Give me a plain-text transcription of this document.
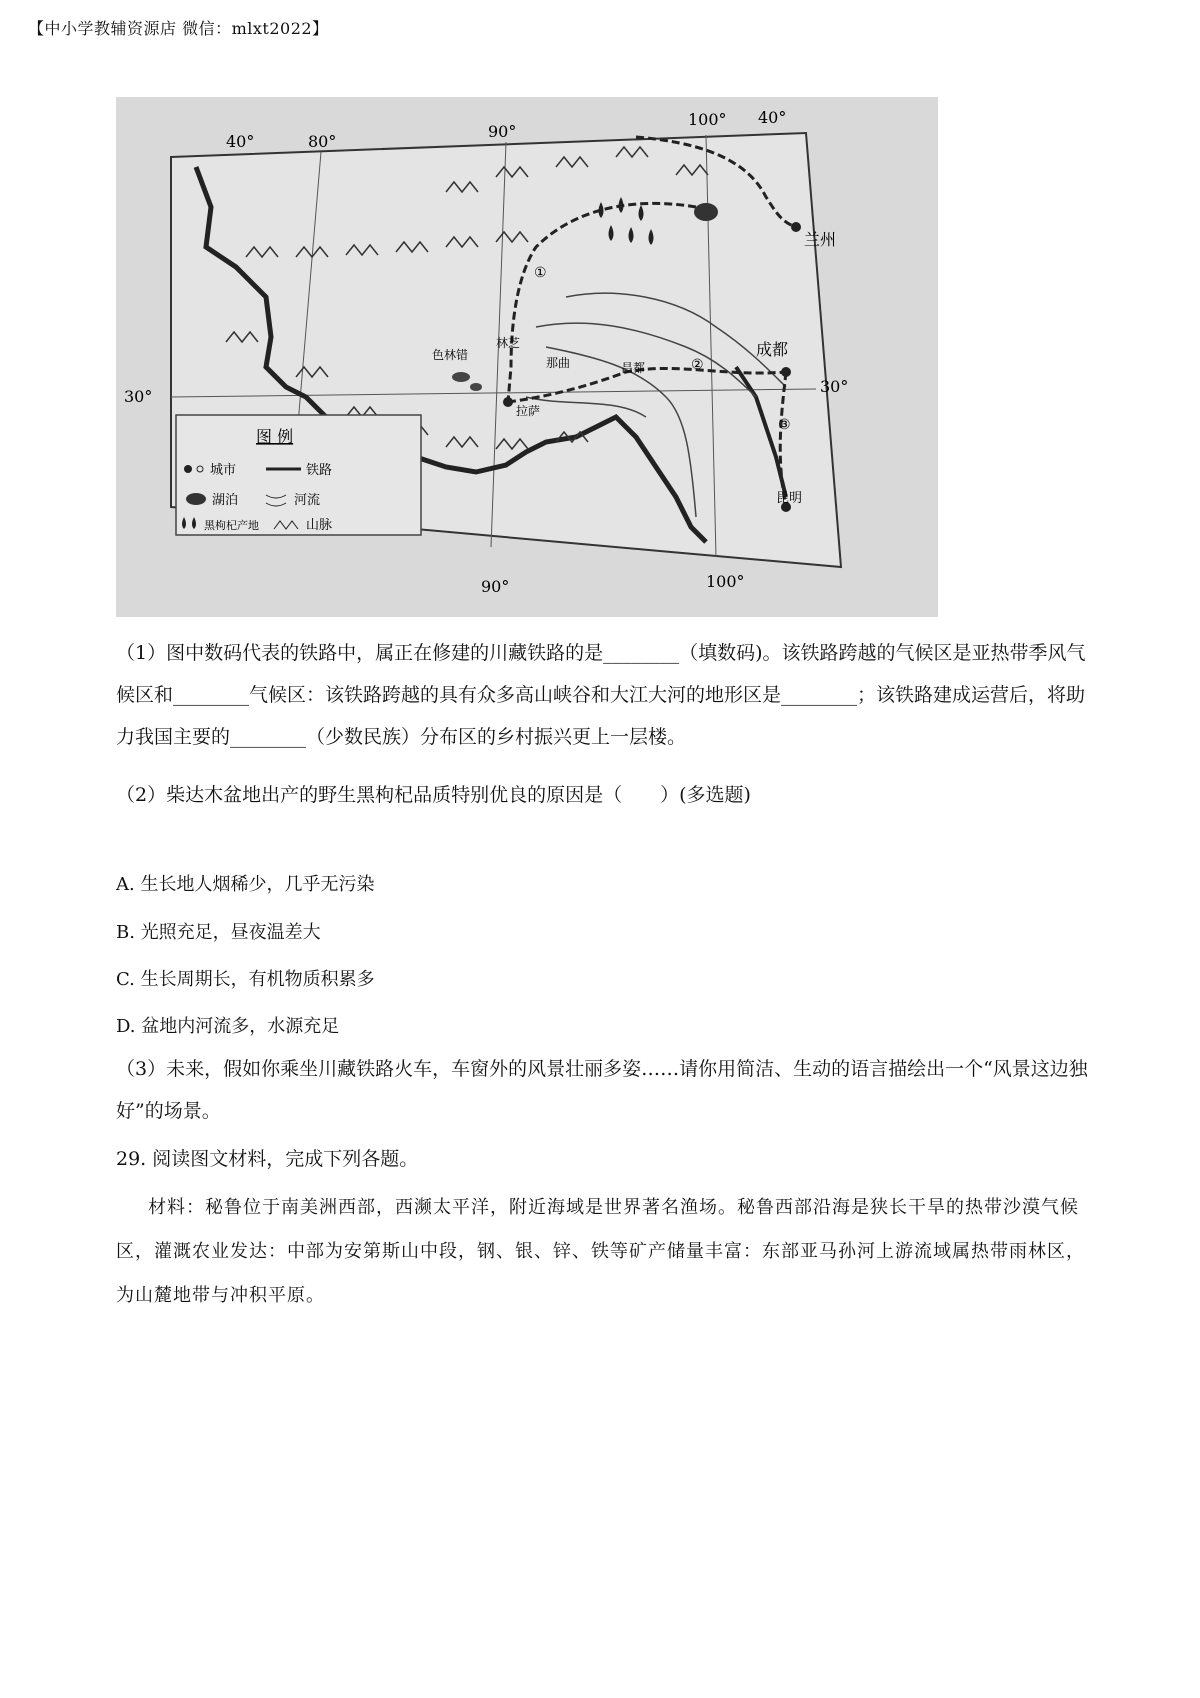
【中小学教辅资源店 微信：mlxt2022】
兰州
成都
昆明
色林错
那曲
拉萨
昌都
林芝
①
②
③
40°	80°
90°
100° 40°
90°	100°
30°
30°
图 例
城市	铁路
湖泊	河流
黑枸杞产地	山脉
（1）图中数码代表的铁路中，属正在修建的川藏铁路的是________（填数码)。该铁路跨越的气候区是亚热带季风气候区和________气候区：该铁路跨越的具有众多高山峡谷和大江大河的地形区是________；该铁路建成运营后，将助力我国主要的________（少数民族）分布区的乡村振兴更上一层楼。
（2）柴达木盆地出产的野生黑枸杞品质特别优良的原因是（　　）(多选题)
A. 生长地人烟稀少，几乎无污染
B. 光照充足，昼夜温差大
C. 生长周期长，有机物质积累多
D. 盆地内河流多，水源充足
（3）未来，假如你乘坐川藏铁路火车，车窗外的风景壮丽多姿……请你用简洁、生动的语言描绘出一个“风景这边独好”的场景。
29. 阅读图文材料，完成下列各题。
材料：秘鲁位于南美洲西部，西濒太平洋，附近海域是世界著名渔场。秘鲁西部沿海是狭长干旱的热带沙漠气候区，灌溉农业发达：中部为安第斯山中段，钢、银、锌、铁等矿产储量丰富：东部亚马孙河上游流域属热带雨林区，为山麓地带与冲积平原。
